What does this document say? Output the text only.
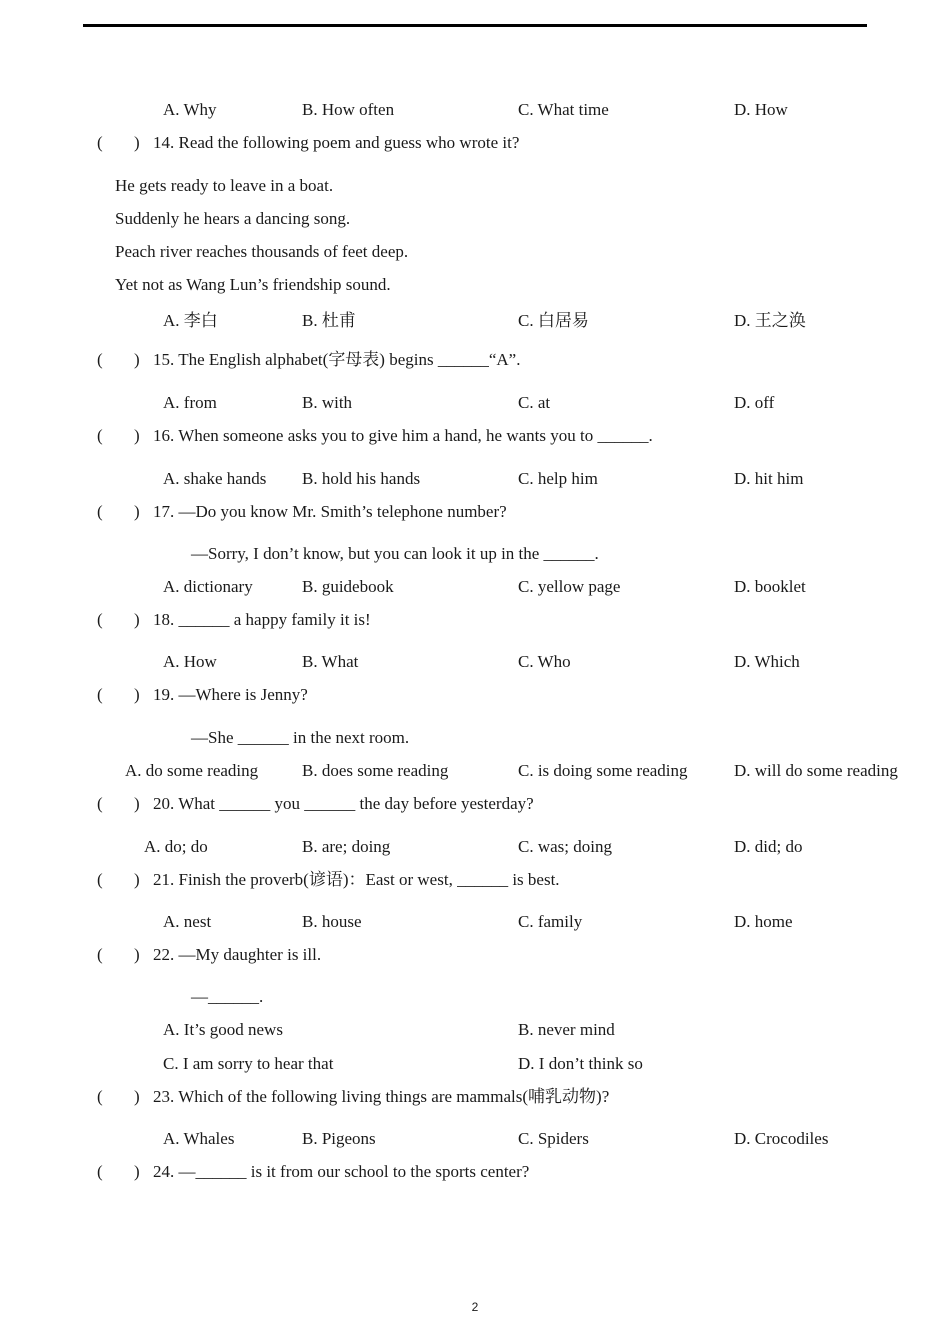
A. Why	B. How often	C. What time	D. How
( ) 14. Read the following poem and guess who wrote it?
He gets ready to leave in a boat.
Suddenly he hears a dancing song.
Peach river reaches thousands of feet deep.
Yet not as Wang Lun’s friendship sound.
A. 李白	B. 杜甫	C. 白居易	D. 王之涣
( ) 15. The English alphabet(字母表) begins ______“A”.
A. from	B. with	C. at	D. off
( ) 16. When someone asks you to give him a hand, he wants you to ______.
A. shake hands B. hold his hands	C. help him	D. hit him
( ) 17. —Do you know Mr. Smith’s telephone number?
—Sorry, I don’t know, but you can look it up in the ______.
A. dictionary	B. guidebook	C. yellow page	D. booklet
( ) 18. ______ a happy family it is!
A. How	B. What	C. Who	D. Which
( ) 19. —Where is Jenny?
—She ______ in the next room.
A. do some reading	B. does some reading	C. is doing some reading	D. will do some reading
( ) 20. What ______ you ______ the day before yesterday?
A. do; do	B. are; doing	C. was; doing	D. did; do
( ) 21. Finish the proverb(谚语)：East or west, ______ is best.
A. nest	B. house	C. family	D. home
( ) 22. —My daughter is ill.
—______.
A. It’s good news	B. never mind
C. I am sorry to hear that	D. I don’t think so
( ) 23. Which of the following living things are mammals(哺乳动物)?
A. Whales	B. Pigeons	C. Spiders	D. Crocodiles
( ) 24. —______ is it from our school to the sports center?
2
